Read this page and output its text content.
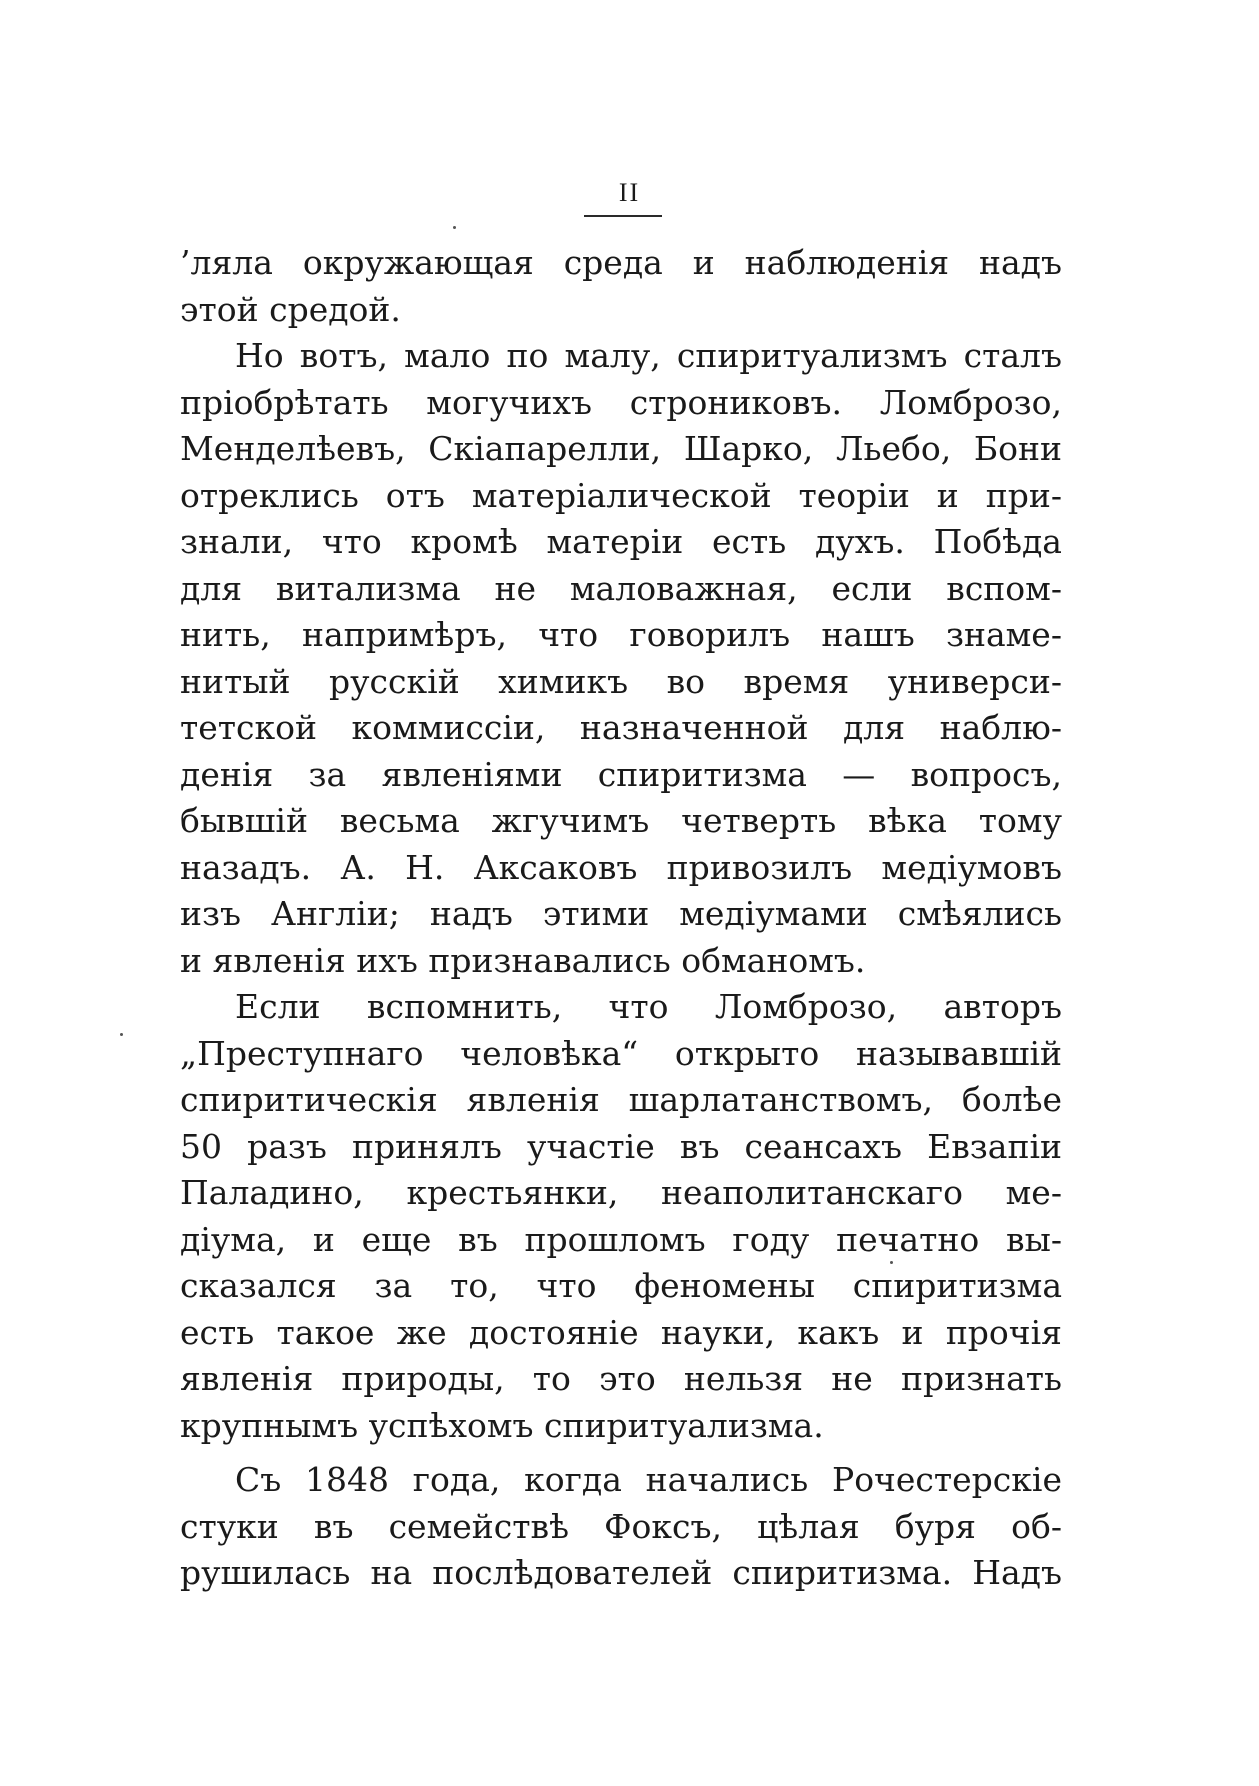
II
’ляла окружающая среда и наблюденія надъ
этой средой.
Но вотъ, мало по малу, спиритуализмъ сталъ
пріобрѣтать могучихъ строниковъ. Ломброзо,
Менделѣевъ, Скіапарелли, Шарко, Льебо, Бони
отреклись отъ матеріалической теоріи и при-
знали, что кромѣ матеріи есть духъ. Побѣда
для витализма не маловажная, если вспом-
нить, напримѣръ, что говорилъ нашъ знаме-
нитый русскій химикъ во время универси-
тетской коммиссіи, назначенной для наблю-
денія за явленіями спиритизма — вопросъ,
бывшій весьма жгучимъ четверть вѣка тому
назадъ. А. Н. Аксаковъ привозилъ медіумовъ
изъ Англіи; надъ этими медіумами смѣялись
и явленія ихъ признавались обманомъ.
Если вспомнить, что Ломброзо, авторъ
„Преступнаго человѣка“ открыто называвшій
спиритическія явленія шарлатанствомъ, болѣе
50 разъ принялъ участіе въ сеансахъ Евзапіи
Паладино, крестьянки, неаполитанскаго ме-
діума, и еще въ прошломъ году печатно вы-
сказался за то, что феномены спиритизма
есть такое же достояніе науки, какъ и прочія
явленія природы, то это нельзя не признать
крупнымъ успѣхомъ спиритуализма.
Съ 1848 года, когда начались Рочестерскіе
стуки въ семействѣ Фоксъ, цѣлая буря об-
рушилась на послѣдователей спиритизма. Надъ
